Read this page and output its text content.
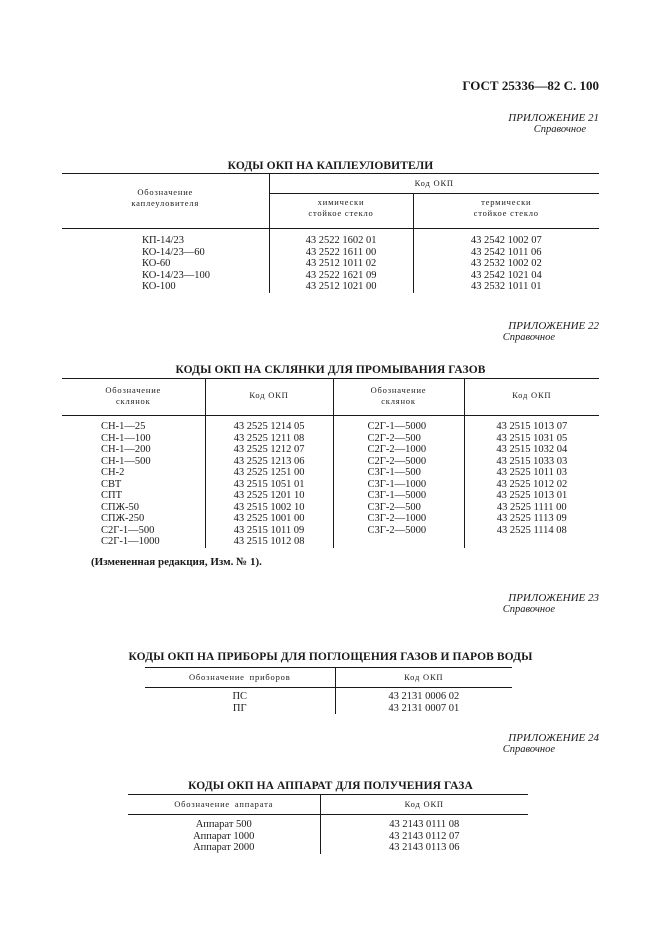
ГОСТ 25336—82 С. 100
ПРИЛОЖЕНИЕ 21
Справочное
КОДЫ ОКП НА КАПЛЕУЛОВИТЕЛИ
Обозначение
каплеуловителя	Код ОКП	
	химически
стойкое стекло	термически
стойкое стекло

КП-14/23	43 2522 1602 01	43 2542 1002 07
КО-14/23—60	43 2522 1611 00	43 2542 1011 06
КО-60	43 2512 1011 02	43 2532 1002 02
КО-14/23—100	43 2522 1621 09	43 2542 1021 04
КО-100	43 2512 1021 00	43 2532 1011 01
ПРИЛОЖЕНИЕ 22
Справочное
КОДЫ ОКП НА СКЛЯНКИ ДЛЯ ПРОМЫВАНИЯ ГАЗОВ
Обозначение
склянок	Код ОКП	Обозначение
склянок	Код ОКП

СН-1—25	43 2525 1214 05	С2Г-1—5000	43 2515 1013 07
СН-1—100	43 2525 1211 08	С2Г-2—500	43 2515 1031 05
СН-1—200	43 2525 1212 07	С2Г-2—1000	43 2515 1032 04
СН-1—500	43 2525 1213 06	С2Г-2—5000	43 2515 1033 03
СН-2	43 2525 1251 00	С3Г-1—500	43 2525 1011 03
СВТ	43 2515 1051 01	С3Г-1—1000	43 2525 1012 02
СПТ	43 2525 1201 10	С3Г-1—5000	43 2525 1013 01
СПЖ-50	43 2515 1002 10	С3Г-2—500	43 2525 1111 00
СПЖ-250	43 2525 1001 00	С3Г-2—1000	43 2525 1113 09
С2Г-1—500	43 2515 1011 09	С3Г-2—5000	43 2525 1114 08
С2Г-1—1000	43 2515 1012 08		
(Измененная редакция, Изм. № 1).
ПРИЛОЖЕНИЕ 23
Справочное
КОДЫ ОКП НА ПРИБОРЫ ДЛЯ ПОГЛОЩЕНИЯ ГАЗОВ И ПАРОВ ВОДЫ
Обозначение приборов	Код ОКП

ПС	43 2131 0006 02
ПГ	43 2131 0007 01
ПРИЛОЖЕНИЕ 24
Справочное
КОДЫ ОКП НА АППАРАТ ДЛЯ ПОЛУЧЕНИЯ ГАЗА
Обозначение аппарата	Код ОКП

Аппарат 500	43 2143 0111 08
Аппарат 1000	43 2143 0112 07
Аппарат 2000	43 2143 0113 06
